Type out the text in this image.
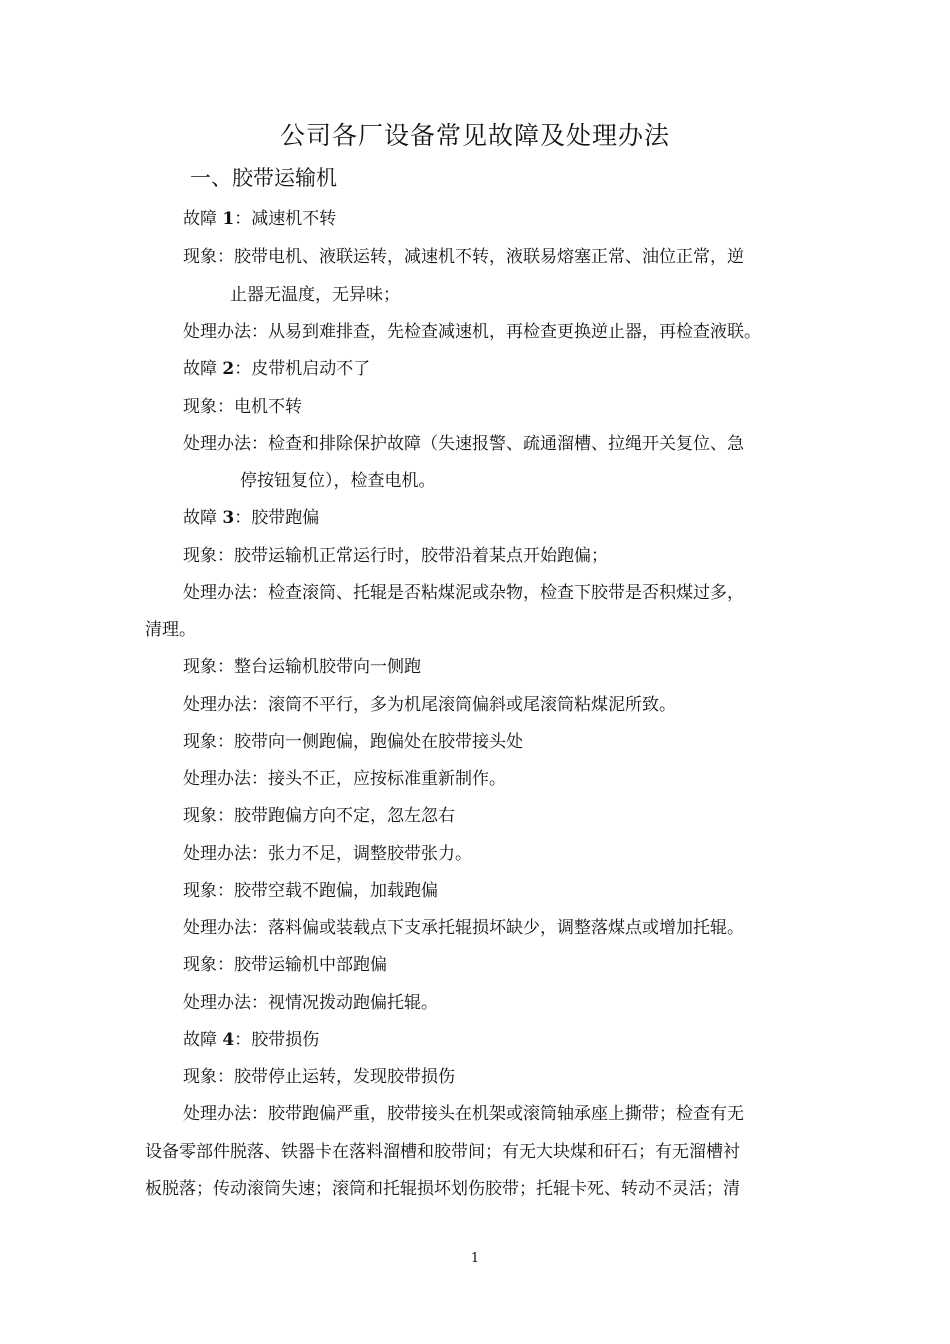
公司各厂设备常见故障及处理办法
一、胶带运输机
故障 1：减速机不转
现象：胶带电机、液联运转，减速机不转，液联易熔塞正常、油位正常，逆
止器无温度，无异味；
处理办法：从易到难排查，先检查减速机，再检查更换逆止器，再检查液联。
故障 2：皮带机启动不了
现象：电机不转
处理办法：检查和排除保护故障（失速报警、疏通溜槽、拉绳开关复位、急
停按钮复位），检查电机。
故障 3：胶带跑偏
现象：胶带运输机正常运行时，胶带沿着某点开始跑偏；
处理办法：检查滚筒、托辊是否粘煤泥或杂物，检查下胶带是否积煤过多，
清理。
现象：整台运输机胶带向一侧跑
处理办法：滚筒不平行，多为机尾滚筒偏斜或尾滚筒粘煤泥所致。
现象：胶带向一侧跑偏，跑偏处在胶带接头处
处理办法：接头不正，应按标准重新制作。
现象：胶带跑偏方向不定，忽左忽右
处理办法：张力不足，调整胶带张力。
现象：胶带空载不跑偏，加载跑偏
处理办法：落料偏或装载点下支承托辊损坏缺少，调整落煤点或增加托辊。
现象：胶带运输机中部跑偏
处理办法：视情况拨动跑偏托辊。
故障 4：胶带损伤
现象：胶带停止运转，发现胶带损伤
处理办法：胶带跑偏严重，胶带接头在机架或滚筒轴承座上撕带；检查有无
设备零部件脱落、铁器卡在落料溜槽和胶带间；有无大块煤和矸石；有无溜槽衬
板脱落；传动滚筒失速；滚筒和托辊损坏划伤胶带；托辊卡死、转动不灵活；清
1
